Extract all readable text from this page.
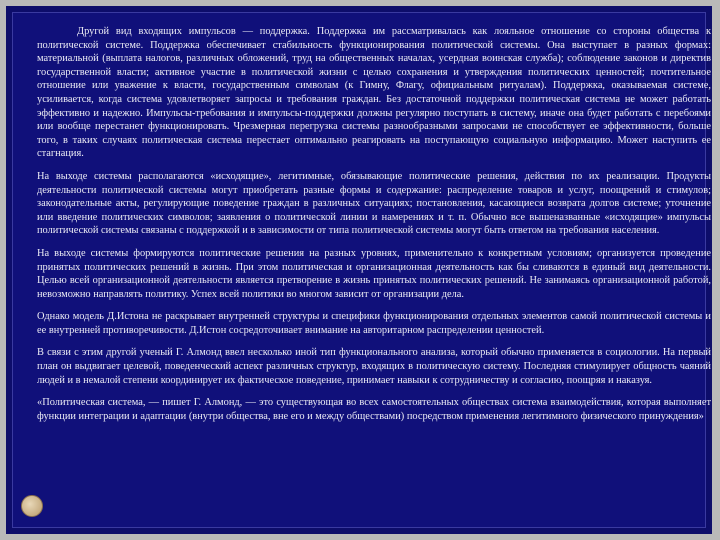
Другой вид входящих импульсов — поддержка. Поддержка им рассматривалась как лояльное отношение со стороны общества к политической системе. Поддержка обеспечивает стабильность функционирования политической системы. Она выступает в разных формах: материальной (выплата налогов, различных обложений, труд на общественных началах, усердная воинская служба); соблюдение законов и директив государственной власти; активное участие в политической жизни с целью сохранения и утверждения политических ценностей; почтительное отношение или уважение к власти, государственным символам (к Гимну, Флагу, официальным ритуалам). Поддержка, оказываемая системе, усиливается, когда система удовлетворяет запросы и требования граждан. Без достаточной поддержки политическая система не может работать эффективно и надежно. Импульсы-требования и импульсы-поддержки должны регулярно поступать в систему, иначе она будет работать с перебоями или вообще перестанет функционировать. Чрезмерная перегрузка системы разнообразными запросами не способствует ее эффективности, больше того, в таких случаях политическая система перестает оптимально реагировать на поступающую социальную информацию. Может наступить ее стагнация.

На выходе системы располагаются «исходящие», легитимные, обязывающие политические решения, действия по их реализации. Продукты деятельности политической системы могут приобретать разные формы и содержание: распределение товаров и услуг, поощрений и стимулов; законодательные акты, регулирующие поведение граждан в различных ситуациях; постановления, касающиеся возврата долгов системе; уточнение или введение политических символов; заявления о политической линии и намерениях и т. п. Обычно все вышеназванные «исходящие» импульсы политической системы связаны с поддержкой и в зависимости от типа политической системы могут быть ответом на требования населения.

На выходе системы формируются политические решения на разных уровнях, применительно к конкретным условиям; организуется проведение принятых политических решений в жизнь. При этом политическая и организационная деятельность как бы сливаются в единый вид деятельности. Целью всей организационной деятельности является претворение в жизнь принятых политических решений. Не занимаясь организационной работой, невозможно направлять политику. Успех всей политики во многом зависит от организации дела.

Однако модель Д.Истона не раскрывает внутренней структуры и специфики функционирования отдельных элементов самой политической системы и ее внутренней противоречивости. Д.Истон сосредоточивает внимание на авторитарном распределении ценностей.

В связи с этим другой ученый Г. Алмонд ввел несколько иной тип функционального анализа, который обычно применяется в социологии. На первый план он выдвигает целевой, поведенческий аспект различных структур, входящих в политическую систему. Последняя стимулирует общность чаяний людей и в немалой степени координирует их фактическое поведение, принимает навыки к сотрудничеству и согласию, поощряя и наказуя.

«Политическая система, — пишет Г. Алмонд, — это существующая во всех самостоятельных обществах система взаимодействия, которая выполняет функции интеграции и адаптации (внутри общества, вне его и между обществами) посредством применения легитимного физического принуждения»
